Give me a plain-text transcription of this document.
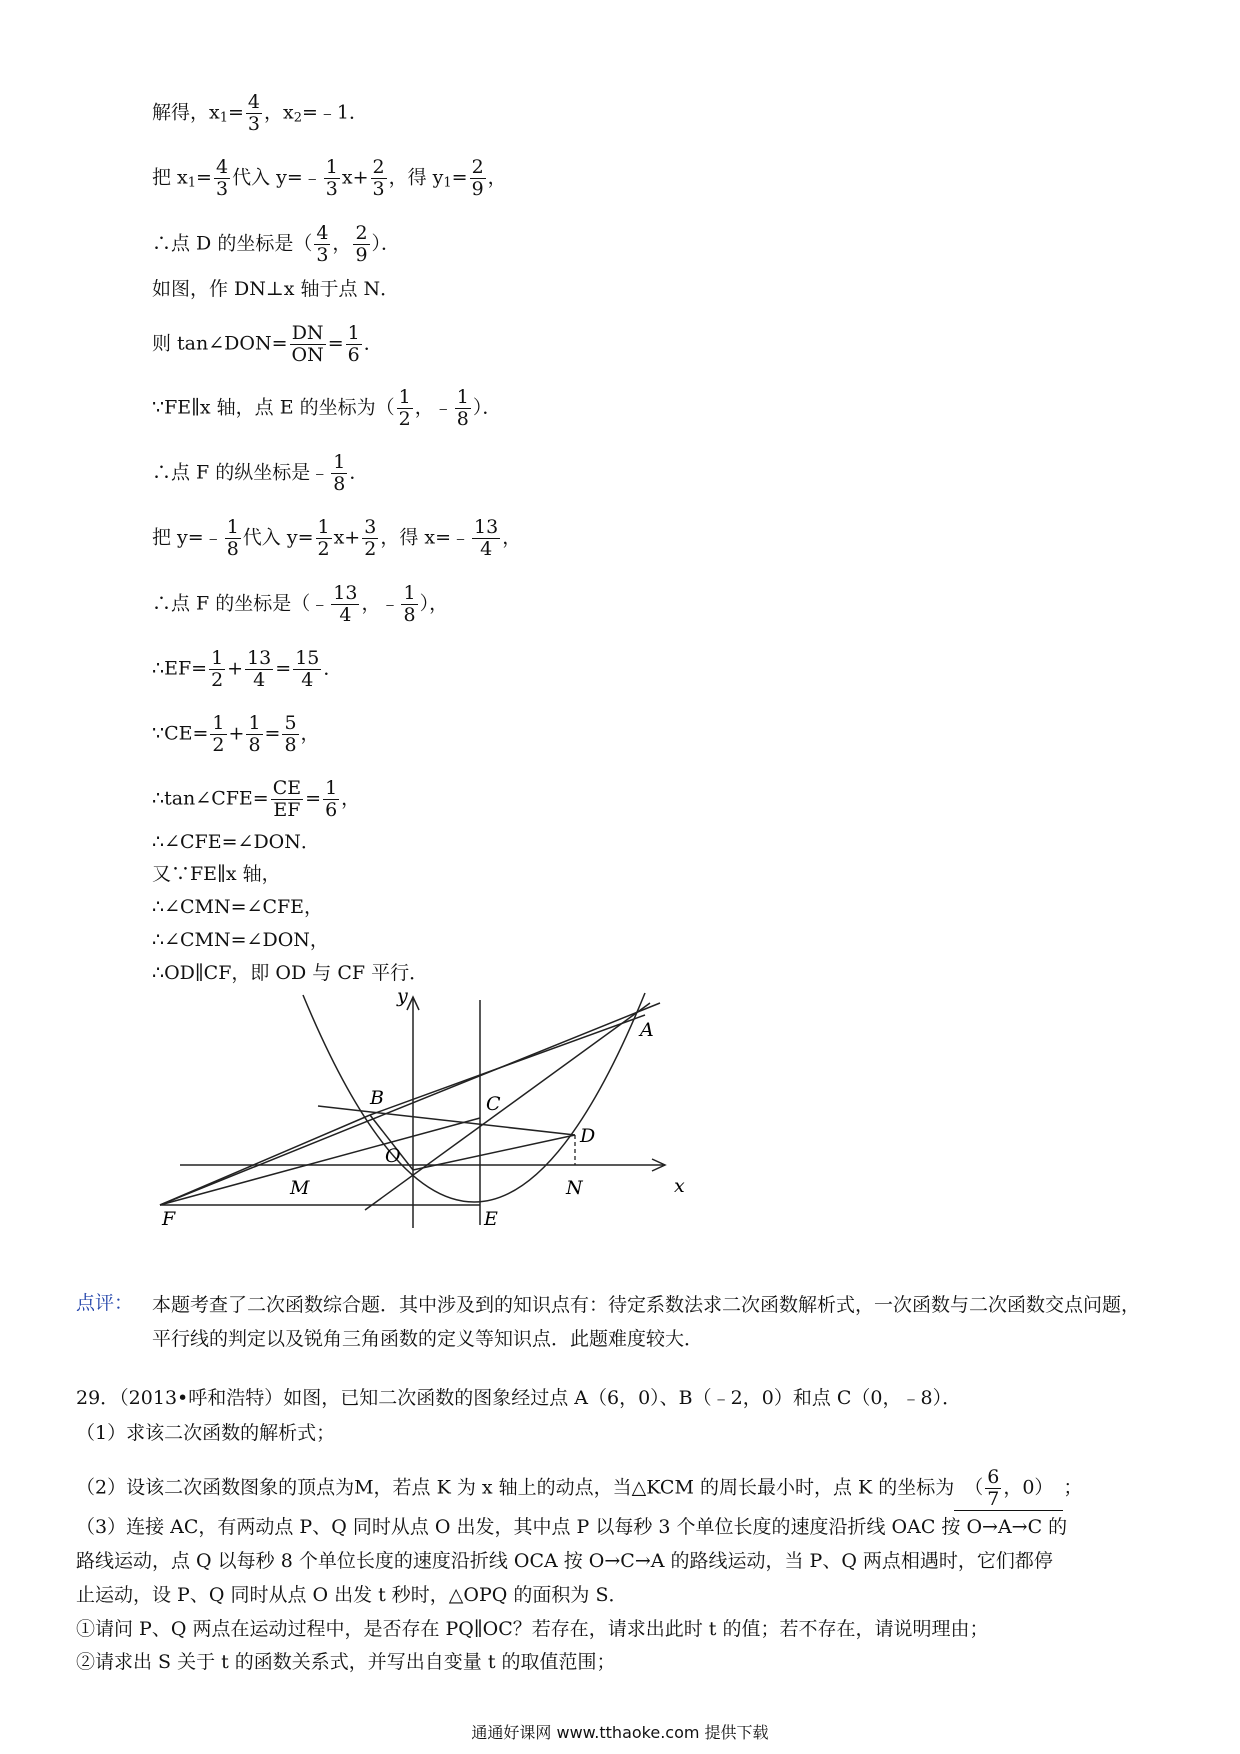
解得，$x_1= \frac{4}{3}$ ，$x_2=﹣1$．
把 $x_1= \frac{4}{3}$ 代入 y=﹣ $\frac{1}{3} x+ \frac{2}{3}$ ，得 $y_1= \frac{2}{9}$ ，
∴点 D 的坐标是（ $\frac{4}{3}$ ， $\frac{2}{9}$ ）．
如图，作 DN⊥x 轴于点 N．
则 tan∠DON= $\frac{DN}{ON} = \frac{1}{6}$ ．
∵FE∥x 轴，点 E 的坐标为（ $\frac{1}{2}$ ，﹣ $\frac{1}{8}$ ）．
∴点 F 的纵坐标是﹣ $\frac{1}{8}$ ．
把 y=﹣ $\frac{1}{8}$ 代入 $y= \frac{1}{2} x+ \frac{3}{2}$ ，得 x=﹣ $\frac{13}{4}$ ，
∴点 F 的坐标是（﹣ $\frac{13}{4}$ ，﹣ $\frac{1}{8}$ ），
∴EF= $\frac{1}{2} + \frac{13}{4} = \frac{15}{4}$ ．
∵CE= $\frac{1}{2} + \frac{1}{8} = \frac{5}{8}$ ，
∴tan∠CFE= $\frac{CE}{EF} = \frac{1}{6}$ ，
∴∠CFE=∠DON．
又∵FE∥x 轴，
∴∠CMN=∠CFE，
∴∠CMN=∠DON，
∴OD∥CF，即 OD 与 CF 平行．
y
x
A
B	C
D
O
M	N
F	E
点评： 本题考查了二次函数综合题．其中涉及到的知识点有：待定系数法求二次函数解析式，一次函数与二次函数交点问题，平行线的判定以及锐角三角函数的定义等知识点．此题难度较大．
29．（2013•呼和浩特）如图，已知二次函数的图象经过点 A（6，0）、B（﹣2，0）和点 C（0，﹣8）．
（1）求该二次函数的解析式；
（2）设该二次函数图象的顶点为M，若点 K 为 x 轴上的动点，当△KCM 的周长最小时，点 K 的坐标为 （ $\frac{6}{7}$ ，0） ；
（3）连接 AC，有两动点 P、Q 同时从点 O 出发，其中点 P 以每秒 3 个单位长度的速度沿折线 OAC 按 O→A→C 的
路线运动，点 Q 以每秒 8 个单位长度的速度沿折线 OCA 按 O→C→A 的路线运动，当 P、Q 两点相遇时，它们都停
止运动，设 P、Q 同时从点 O 出发 t 秒时，△OPQ 的面积为 S．
①请问 P、Q 两点在运动过程中，是否存在 PQ∥OC？若存在，请求出此时 t 的值；若不存在，请说明理由；
②请求出 S 关于 t 的函数关系式，并写出自变量 t 的取值范围；
通通好课网 www.tthaoke.com 提供下载
